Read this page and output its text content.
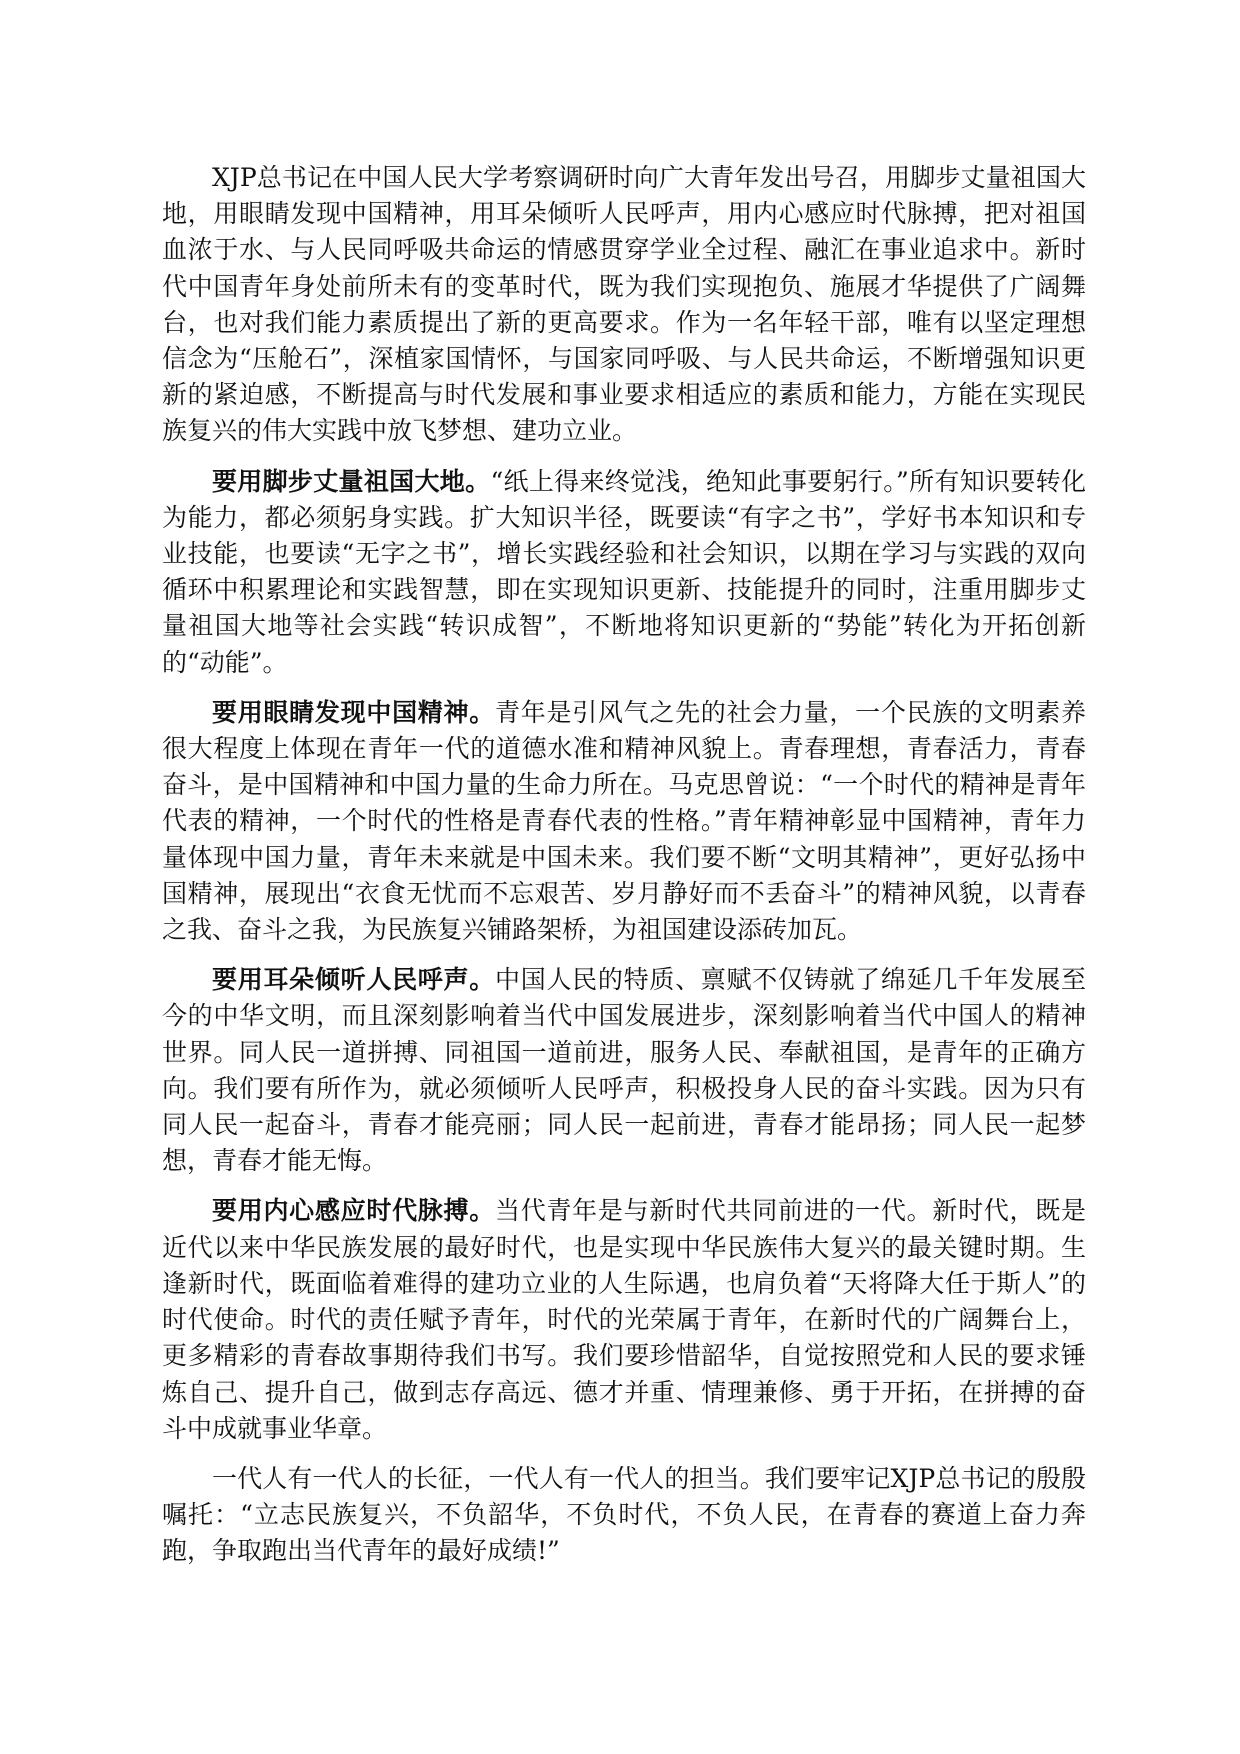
XJP总书记在中国人民大学考察调研时向广大青年发出号召，用脚步丈量祖国大地，用眼睛发现中国精神，用耳朵倾听人民呼声，用内心感应时代脉搏，把对祖国血浓于水、与人民同呼吸共命运的情感贯穿学业全过程、融汇在事业追求中。新时代中国青年身处前所未有的变革时代，既为我们实现抱负、施展才华提供了广阔舞台，也对我们能力素质提出了新的更高要求。作为一名年轻干部，唯有以坚定理想信念为“压舱石”，深植家国情怀，与国家同呼吸、与人民共命运，不断增强知识更新的紧迫感，不断提高与时代发展和事业要求相适应的素质和能力，方能在实现民族复兴的伟大实践中放飞梦想、建功立业。

要用脚步丈量祖国大地。“纸上得来终觉浅，绝知此事要躬行。”所有知识要转化为能力，都必须躬身实践。扩大知识半径，既要读“有字之书”，学好书本知识和专业技能，也要读“无字之书”，增长实践经验和社会知识，以期在学习与实践的双向循环中积累理论和实践智慧，即在实现知识更新、技能提升的同时，注重用脚步丈量祖国大地等社会实践“转识成智”，不断地将知识更新的“势能”转化为开拓创新的“动能”。

要用眼睛发现中国精神。青年是引风气之先的社会力量，一个民族的文明素养很大程度上体现在青年一代的道德水准和精神风貌上。青春理想，青春活力，青春奋斗，是中国精神和中国力量的生命力所在。马克思曾说：“一个时代的精神是青年代表的精神，一个时代的性格是青春代表的性格。”青年精神彰显中国精神，青年力量体现中国力量，青年未来就是中国未来。我们要不断“文明其精神”，更好弘扬中国精神，展现出“衣食无忧而不忘艰苦、岁月静好而不丢奋斗”的精神风貌，以青春之我、奋斗之我，为民族复兴铺路架桥，为祖国建设添砖加瓦。

要用耳朵倾听人民呼声。中国人民的特质、禀赋不仅铸就了绵延几千年发展至今的中华文明，而且深刻影响着当代中国发展进步，深刻影响着当代中国人的精神世界。同人民一道拼搏、同祖国一道前进，服务人民、奉献祖国，是青年的正确方向。我们要有所作为，就必须倾听人民呼声，积极投身人民的奋斗实践。因为只有同人民一起奋斗，青春才能亮丽；同人民一起前进，青春才能昂扬；同人民一起梦想，青春才能无悔。

要用内心感应时代脉搏。当代青年是与新时代共同前进的一代。新时代，既是近代以来中华民族发展的最好时代，也是实现中华民族伟大复兴的最关键时期。生逢新时代，既面临着难得的建功立业的人生际遇，也肩负着“天将降大任于斯人”的时代使命。时代的责任赋予青年，时代的光荣属于青年，在新时代的广阔舞台上，更多精彩的青春故事期待我们书写。我们要珍惜韶华，自觉按照党和人民的要求锤炼自己、提升自己，做到志存高远、德才并重、情理兼修、勇于开拓，在拼搏的奋斗中成就事业华章。

一代人有一代人的长征，一代人有一代人的担当。我们要牢记XJP总书记的殷殷嘱托：“立志民族复兴，不负韶华，不负时代，不负人民，在青春的赛道上奋力奔跑，争取跑出当代青年的最好成绩!”
